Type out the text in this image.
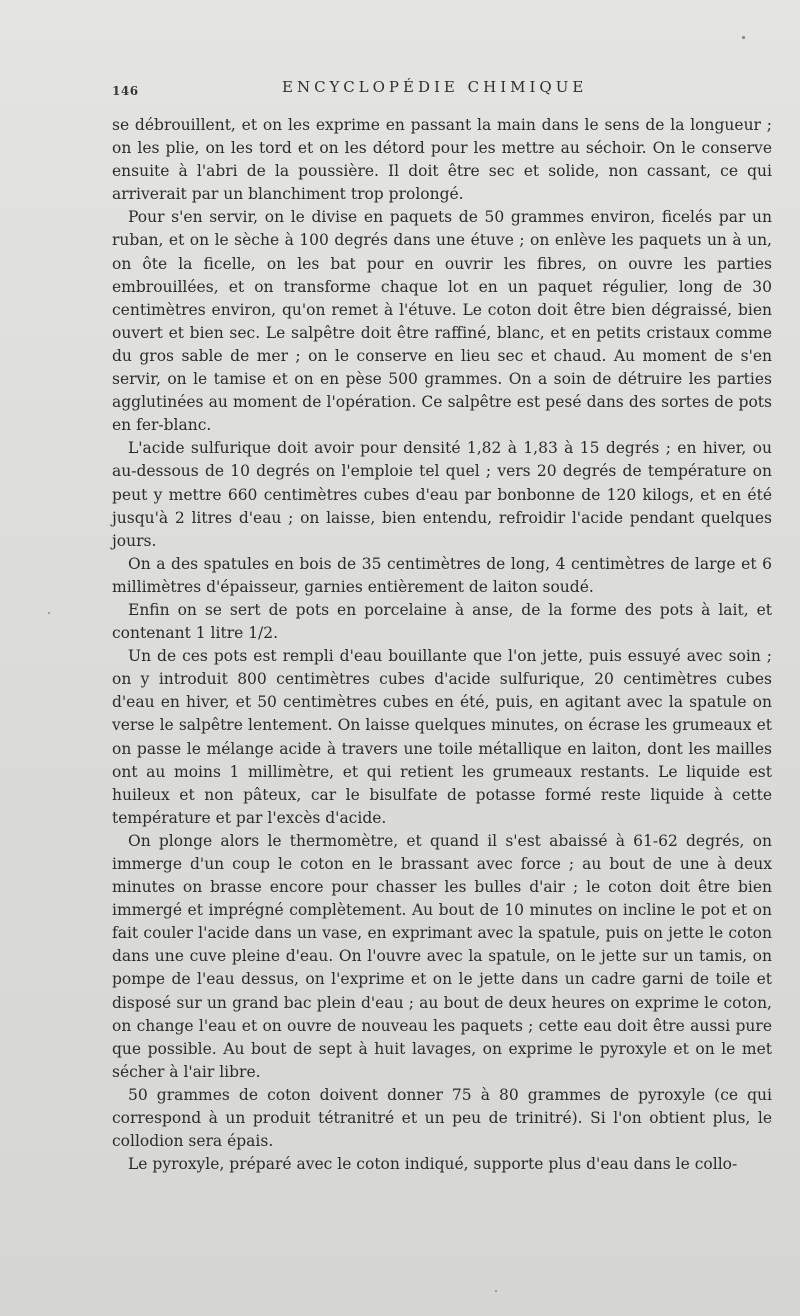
146	ENCYCLOPÉDIE CHIMIQUE

se débrouillent, et on les exprime en passant la main dans le sens de la longueur ; on les plie, on les tord et on les détord pour les mettre au séchoir. On le conserve ensuite à l'abri de la poussière. Il doit être sec et solide, non cassant, ce qui arriverait par un blanchiment trop prolongé.

Pour s'en servir, on le divise en paquets de 50 grammes environ, ficelés par un ruban, et on le sèche à 100 degrés dans une étuve ; on enlève les paquets un à un, on ôte la ficelle, on les bat pour en ouvrir les fibres, on ouvre les parties embrouillées, et on transforme chaque lot en un paquet régulier, long de 30 centimètres environ, qu'on remet à l'étuve. Le coton doit être bien dégraissé, bien ouvert et bien sec. Le salpêtre doit être raffiné, blanc, et en petits cristaux comme du gros sable de mer ; on le conserve en lieu sec et chaud. Au moment de s'en servir, on le tamise et on en pèse 500 grammes. On a soin de détruire les parties agglutinées au moment de l'opération. Ce salpêtre est pesé dans des sortes de pots en fer-blanc.

L'acide sulfurique doit avoir pour densité 1,82 à 1,83 à 15 degrés ; en hiver, ou au-dessous de 10 degrés on l'emploie tel quel ; vers 20 degrés de température on peut y mettre 660 centimètres cubes d'eau par bonbonne de 120 kilogs, et en été jusqu'à 2 litres d'eau ; on laisse, bien entendu, refroidir l'acide pendant quelques jours.

On a des spatules en bois de 35 centimètres de long, 4 centimètres de large et 6 millimètres d'épaisseur, garnies entièrement de laiton soudé.

Enfin on se sert de pots en porcelaine à anse, de la forme des pots à lait, et contenant 1 litre 1/2.

Un de ces pots est rempli d'eau bouillante que l'on jette, puis essuyé avec soin ; on y introduit 800 centimètres cubes d'acide sulfurique, 20 centimètres cubes d'eau en hiver, et 50 centimètres cubes en été, puis, en agitant avec la spatule on verse le salpêtre lentement. On laisse quelques minutes, on écrase les grumeaux et on passe le mélange acide à travers une toile métallique en laiton, dont les mailles ont au moins 1 millimètre, et qui retient les grumeaux restants. Le liquide est huileux et non pâteux, car le bisulfate de potasse formé reste liquide à cette température et par l'excès d'acide.

On plonge alors le thermomètre, et quand il s'est abaissé à 61-62 degrés, on immerge d'un coup le coton en le brassant avec force ; au bout de une à deux minutes on brasse encore pour chasser les bulles d'air ; le coton doit être bien immergé et imprégné complètement. Au bout de 10 minutes on incline le pot et on fait couler l'acide dans un vase, en exprimant avec la spatule, puis on jette le coton dans une cuve pleine d'eau. On l'ouvre avec la spatule, on le jette sur un tamis, on pompe de l'eau dessus, on l'exprime et on le jette dans un cadre garni de toile et disposé sur un grand bac plein d'eau ; au bout de deux heures on exprime le coton, on change l'eau et on ouvre de nouveau les paquets ; cette eau doit être aussi pure que possible. Au bout de sept à huit lavages, on exprime le pyroxyle et on le met sécher à l'air libre.

50 grammes de coton doivent donner 75 à 80 grammes de pyroxyle (ce qui correspond à un produit tétranitré et un peu de trinitré). Si l'on obtient plus, le collodion sera épais.

Le pyroxyle, préparé avec le coton indiqué, supporte plus d'eau dans le collo-
